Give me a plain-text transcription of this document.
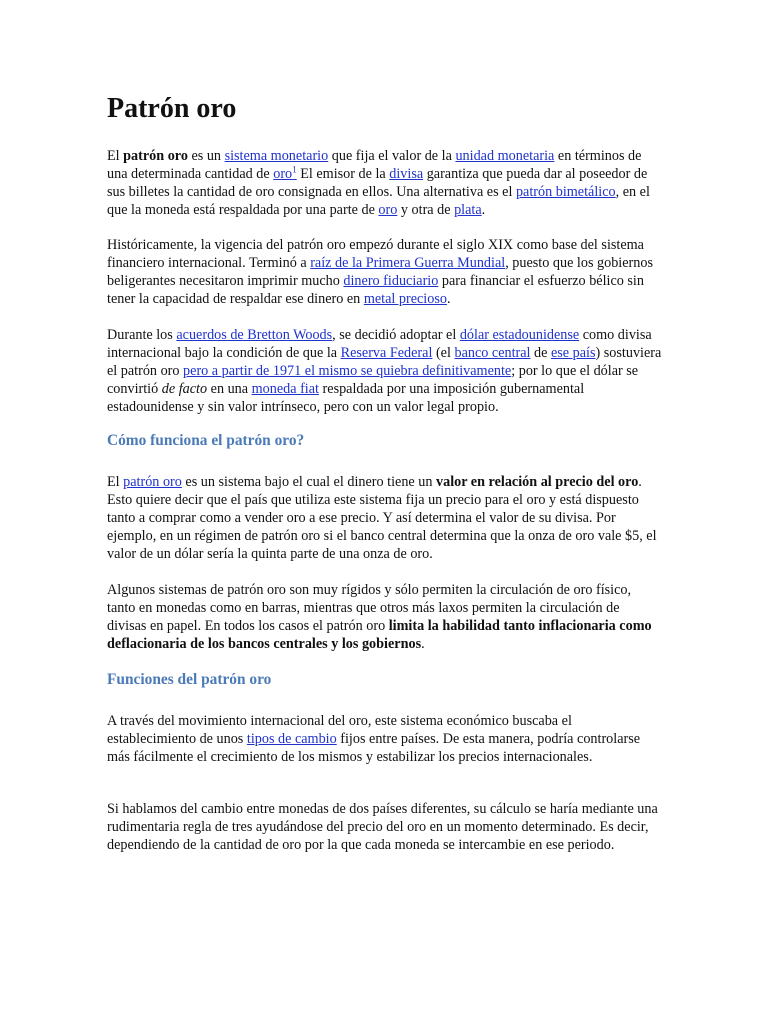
Patrón oro

El patrón oro es un sistema monetario que fija el valor de la unidad monetaria en términos de una determinada cantidad de oro$^1$ El emisor de la divisa garantiza que pueda dar al poseedor de sus billetes la cantidad de oro consignada en ellos. Una alternativa es el patrón bimetálico, en el que la moneda está respaldada por una parte de oro y otra de plata.

Históricamente, la vigencia del patrón oro empezó durante el siglo XIX como base del sistema financiero internacional. Terminó a raíz de la Primera Guerra Mundial, puesto que los gobiernos beligerantes necesitaron imprimir mucho dinero fiduciario para financiar el esfuerzo bélico sin tener la capacidad de respaldar ese dinero en metal precioso.

Durante los acuerdos de Bretton Woods, se decidió adoptar el dólar estadounidense como divisa internacional bajo la condición de que la Reserva Federal (el banco central de ese país) sostuviera el patrón oro pero a partir de 1971 el mismo se quiebra definitivamente; por lo que el dólar se convirtió de facto en una moneda fiat respaldada por una imposición gubernamental estadounidense y sin valor intrínseco, pero con un valor legal propio.

Cómo funciona el patrón oro?

El patrón oro es un sistema bajo el cual el dinero tiene un valor en relación al precio del oro. Esto quiere decir que el país que utiliza este sistema fija un precio para el oro y está dispuesto tanto a comprar como a vender oro a ese precio. Y así determina el valor de su divisa. Por ejemplo, en un régimen de patrón oro si el banco central determina que la onza de oro vale $5, el valor de un dólar sería la quinta parte de una onza de oro.

Algunos sistemas de patrón oro son muy rígidos y sólo permiten la circulación de oro físico, tanto en monedas como en barras, mientras que otros más laxos permiten la circulación de divisas en papel. En todos los casos el patrón oro limita la habilidad tanto inflacionaria como deflacionaria de los bancos centrales y los gobiernos.

Funciones del patrón oro

A través del movimiento internacional del oro, este sistema económico buscaba el establecimiento de unos tipos de cambio fijos entre países. De esta manera, podría controlarse más fácilmente el crecimiento de los mismos y estabilizar los precios internacionales.

Si hablamos del cambio entre monedas de dos países diferentes, su cálculo se haría mediante una rudimentaria regla de tres ayudándose del precio del oro en un momento determinado. Es decir, dependiendo de la cantidad de oro por la que cada moneda se intercambie en ese periodo.
